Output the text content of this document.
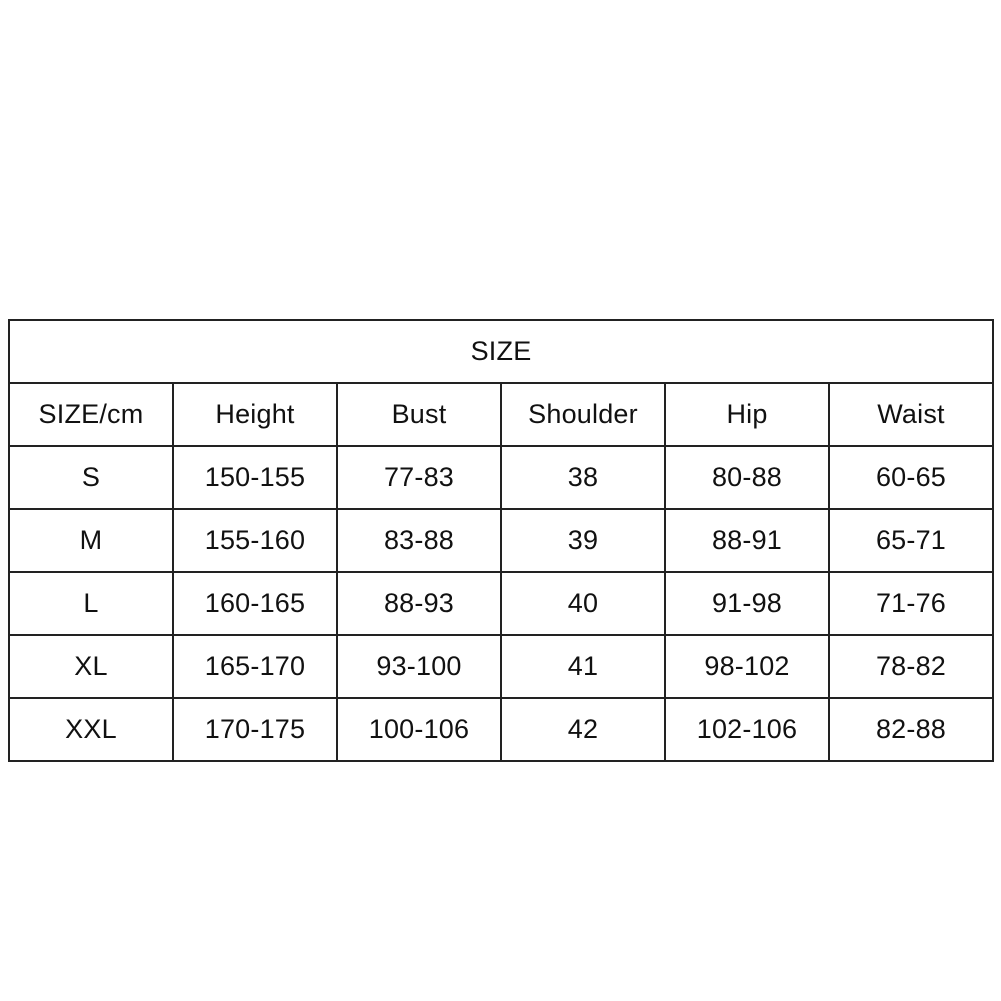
SIZE					
SIZE/cm	Height	Bust	Shoulder	Hip	Waist
S	150-155	77-83	38	80-88	60-65
M	155-160	83-88	39	88-91	65-71
L	160-165	88-93	40	91-98	71-76
XL	165-170	93-100	41	98-102	78-82
XXL	170-175	100-106	42	102-106	82-88
